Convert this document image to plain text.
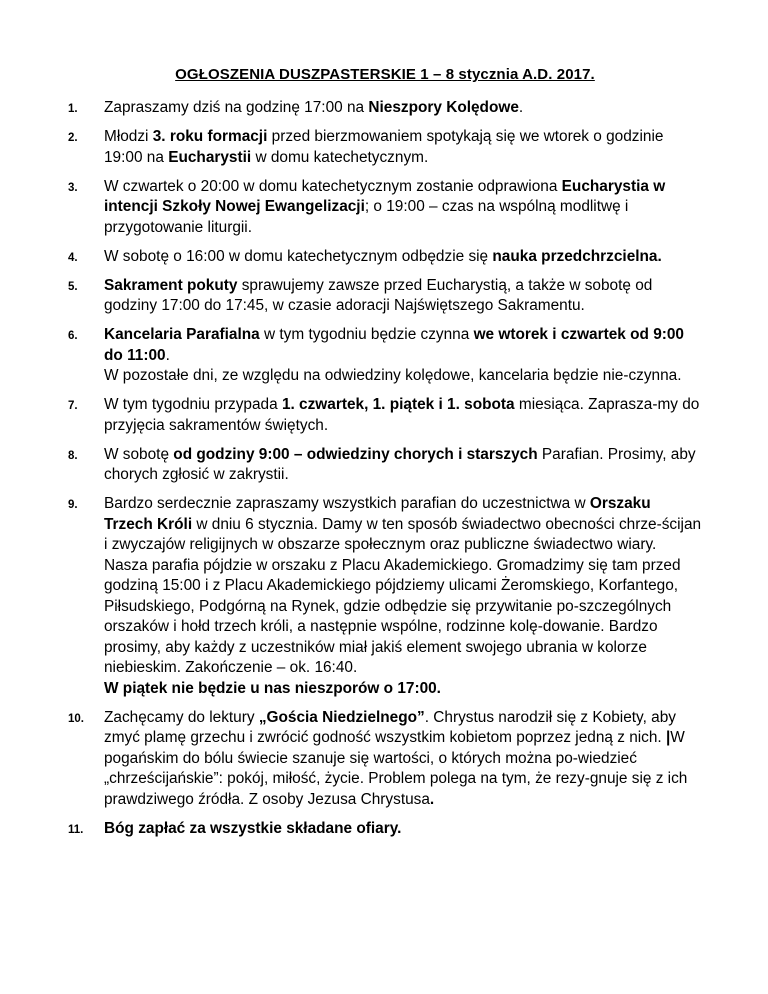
OGŁOSZENIA DUSZPASTERSKIE 1 – 8 stycznia A.D. 2017.
1. Zapraszamy dziś na godzinę 17:00 na Nieszpory Kolędowe.
2. Młodzi 3. roku formacji przed bierzmowaniem spotykają się we wtorek o godzinie 19:00 na Eucharystii w domu katechetycznym.
3. W czwartek o 20:00 w domu katechetycznym zostanie odprawiona Eucharystia w intencji Szkoły Nowej Ewangelizacji; o 19:00 – czas na wspólną modlitwę i przygotowanie liturgii.
4. W sobotę o 16:00 w domu katechetycznym odbędzie się nauka przedchrzcielna.
5. Sakrament pokuty sprawujemy zawsze przed Eucharystią, a także w sobotę od godziny 17:00 do 17:45, w czasie adoracji Najświętszego Sakramentu.
6. Kancelaria Parafialna w tym tygodniu będzie czynna we wtorek i czwartek od 9:00 do 11:00.
W pozostałe dni, ze względu na odwiedziny kolędowe, kancelaria będzie nie-czynna.
7. W tym tygodniu przypada 1. czwartek, 1. piątek i 1. sobota miesiąca. Zaprasza-my do przyjęcia sakramentów świętych.
8. W sobotę od godziny 9:00 – odwiedziny chorych i starszych Parafian. Prosimy, aby chorych zgłosić w zakrystii.
9. Bardzo serdecznie zapraszamy wszystkich parafian do uczestnictwa w Orszaku Trzech Króli w dniu 6 stycznia. Damy w ten sposób świadectwo obecności chrze-ścijan i zwyczajów religijnych w obszarze społecznym oraz publiczne świadectwo wiary.
Nasza parafia pójdzie w orszaku z Placu Akademickiego. Gromadzimy się tam przed godziną 15:00 i z Placu Akademickiego pójdziemy ulicami Żeromskiego, Korfantego, Piłsudskiego, Podgórną na Rynek, gdzie odbędzie się przywitanie po-szczególnych orszaków i hołd trzech króli, a następnie wspólne, rodzinne kolę-dowanie. Bardzo prosimy, aby każdy z uczestników miał jakiś element swojego ubrania w kolorze niebieskim. Zakończenie – ok. 16:40.
W piątek nie będzie u nas nieszporów o 17:00.
10. Zachęcamy do lektury „Gościa Niedzielnego”. Chrystus narodził się z Kobiety, aby zmyć plamę grzechu i zwrócić godność wszystkim kobietom poprzez jedną z nich. |W pogańskim do bólu świecie szanuje się wartości, o których można po-wiedzieć „chrześcijańskie”: pokój, miłość, życie. Problem polega na tym, że rezy-gnuje się z ich prawdziwego źródła. Z osoby Jezusa Chrystusa.
11. Bóg zapłać za wszystkie składane ofiary.
